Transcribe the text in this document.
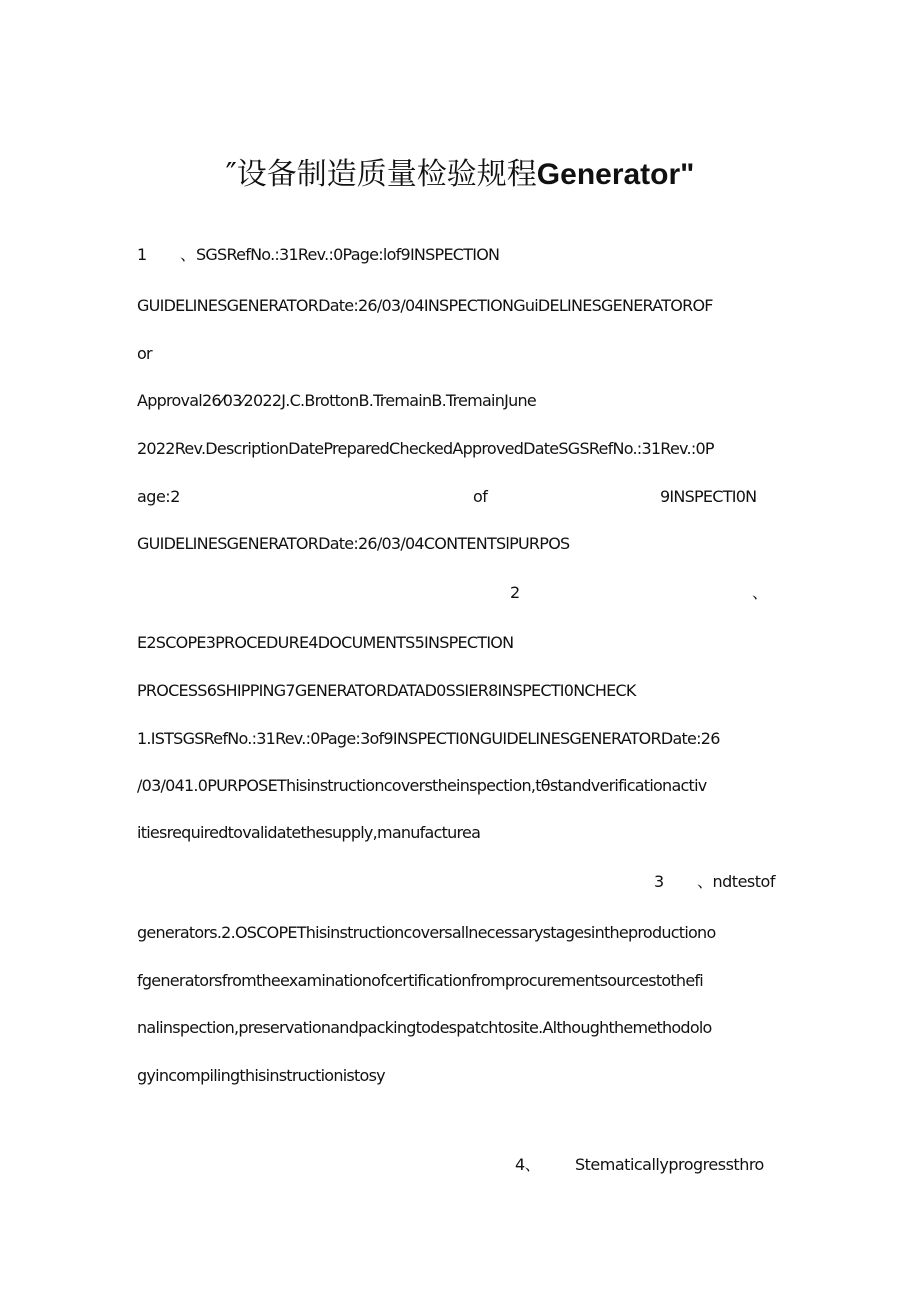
″设备制造质量检验规程Generator"
1 、 SGSRefNo.:31Rev.:0Page:lof9INSPECTION
GUIDELINESGENERATORDate:26/03/04INSPECTIONGuiDELINESGENERATOROF
or
Approval26⁄03⁄2022J.C.BrottonB.TremainB.TremainJune
2022Rev.DescriptionDatePreparedCheckedApprovedDateSGSRefNo.:31Rev.:0P
age:2	of	9INSPECTI0N
GUIDELINESGENERATORDate:26/03/04CONTENTSlPURPOS
2	、
E2SCOPE3PROCEDURE4DOCUMENTS5INSPECTION
PROCESS6SHIPPING7GENERATORDATAD0SSIER8INSPECTI0NCHECK
1.ISTSGSRefNo.:31Rev.:0Page:3of9INSPECTI0NGUIDELINESGENERATORDate:26
/03/041.0PURPOSEThisinstructioncoverstheinspection,tθstandverificationactiv
itiesrequiredtovalidatethesupply,manufacturea
3 、ndtestof
generators.2.OSCOPEThisinstructioncoversallnecessarystagesintheproductiono
fgeneratorsfromtheexaminationofcertificationfromprocurementsourcestothefi
nalinspection,preservationandpackingtodespatchtosite.Althoughthemethodolo
gyincompilingthisinstructionistosy
4、 Stematicallyprogressthro
